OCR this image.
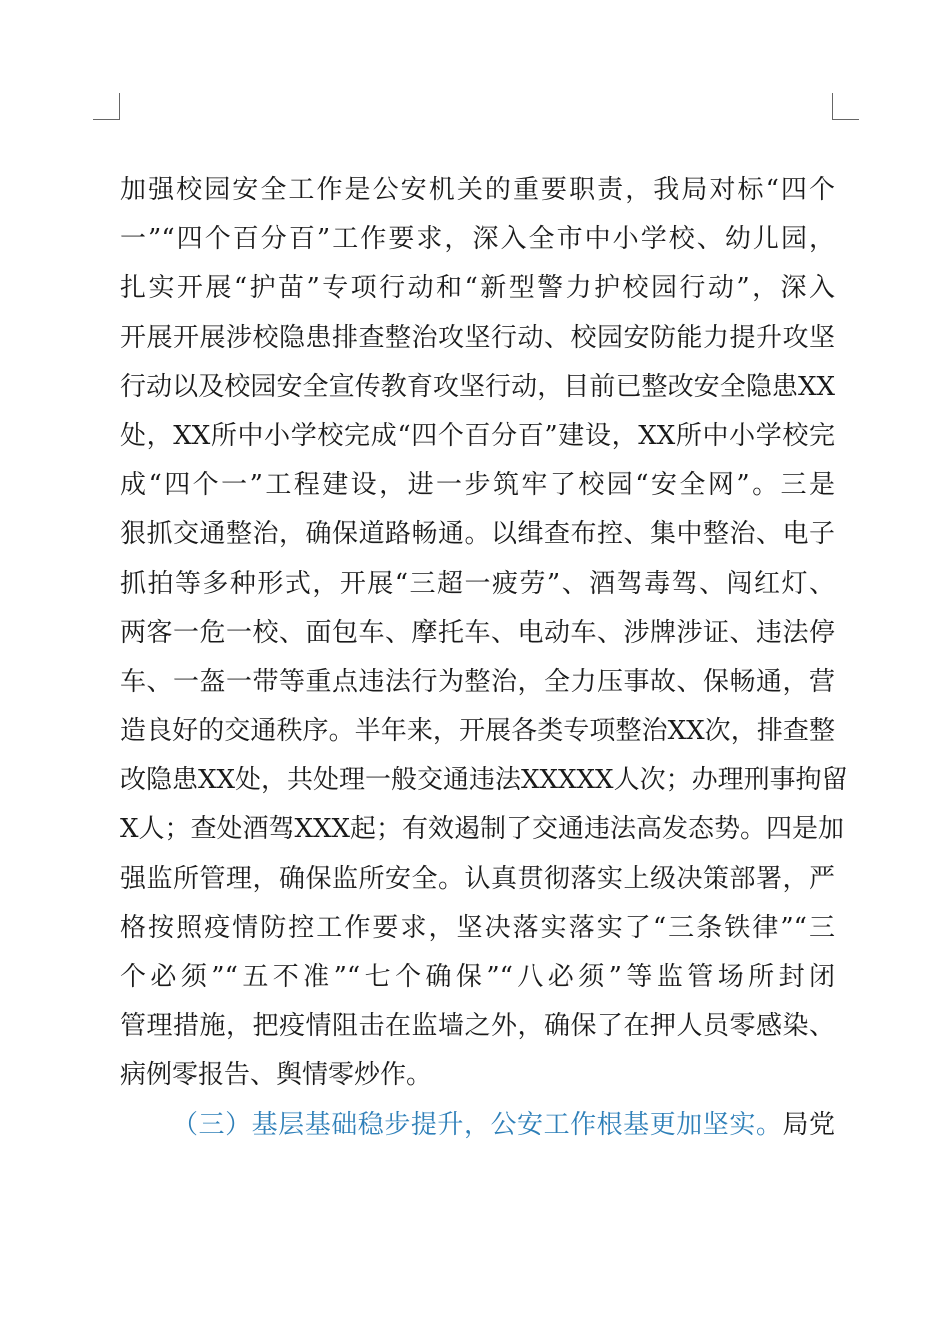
加强校园安全工作是公安机关的重要职责，我局对标“四个
一”“四个百分百”工作要求，深入全市中小学校、幼儿园，
扎实开展“护苗”专项行动和“新型警力护校园行动”，深入
开展开展涉校隐患排查整治攻坚行动、校园安防能力提升攻坚
行动以及校园安全宣传教育攻坚行动，目前已整改安全隐患XX
处，XX所中小学校完成“四个百分百”建设，XX所中小学校完
成“四个一”工程建设，进一步筑牢了校园“安全网”。三是
狠抓交通整治，确保道路畅通。以缉查布控、集中整治、电子
抓拍等多种形式，开展“三超一疲劳”、酒驾毒驾、闯红灯、
两客一危一校、面包车、摩托车、电动车、涉牌涉证、违法停
车、一盔一带等重点违法行为整治，全力压事故、保畅通，营
造良好的交通秩序。半年来，开展各类专项整治XX次，排查整
改隐患XX处，共处理一般交通违法XXXXX人次；办理刑事拘留
X人；查处酒驾XXX起；有效遏制了交通违法高发态势。四是加
强监所管理，确保监所安全。认真贯彻落实上级决策部署，严
格按照疫情防控工作要求，坚决落实落实了“三条铁律”“三
个必须”“五不准”“七个确保”“八必须”等监管场所封闭
管理措施，把疫情阻击在监墙之外，确保了在押人员零感染、
病例零报告、舆情零炒作。
（三）基层基础稳步提升，公安工作根基更加坚实。局党
